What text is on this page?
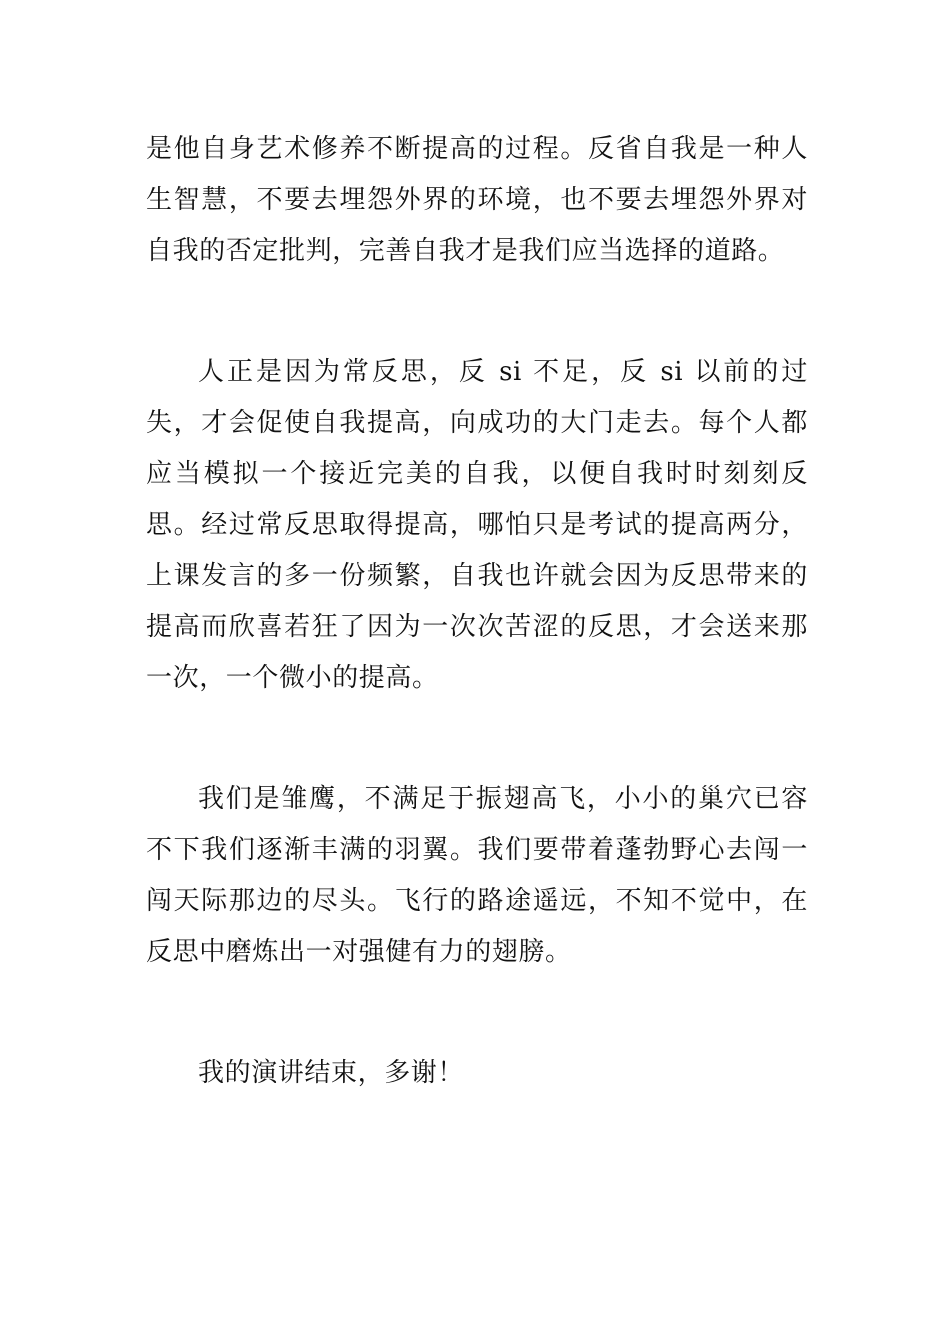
是他自身艺术修养不断提高的过程。反省自我是一种人生智慧，不要去埋怨外界的环境，也不要去埋怨外界对自我的否定批判，完善自我才是我们应当选择的道路。

人正是因为常反思，反 si 不足，反 si 以前的过失，才会促使自我提高，向成功的大门走去。每个人都应当模拟一个接近完美的自我，以便自我时时刻刻反思。经过常反思取得提高，哪怕只是考试的提高两分，上课发言的多一份频繁，自我也许就会因为反思带来的提高而欣喜若狂了因为一次次苦涩的反思，才会送来那一次，一个微小的提高。

我们是雏鹰，不满足于振翅高飞，小小的巢穴已容不下我们逐渐丰满的羽翼。我们要带着蓬勃野心去闯一闯天际那边的尽头。飞行的路途遥远，不知不觉中，在反思中磨炼出一对强健有力的翅膀。

我的演讲结束，多谢！
